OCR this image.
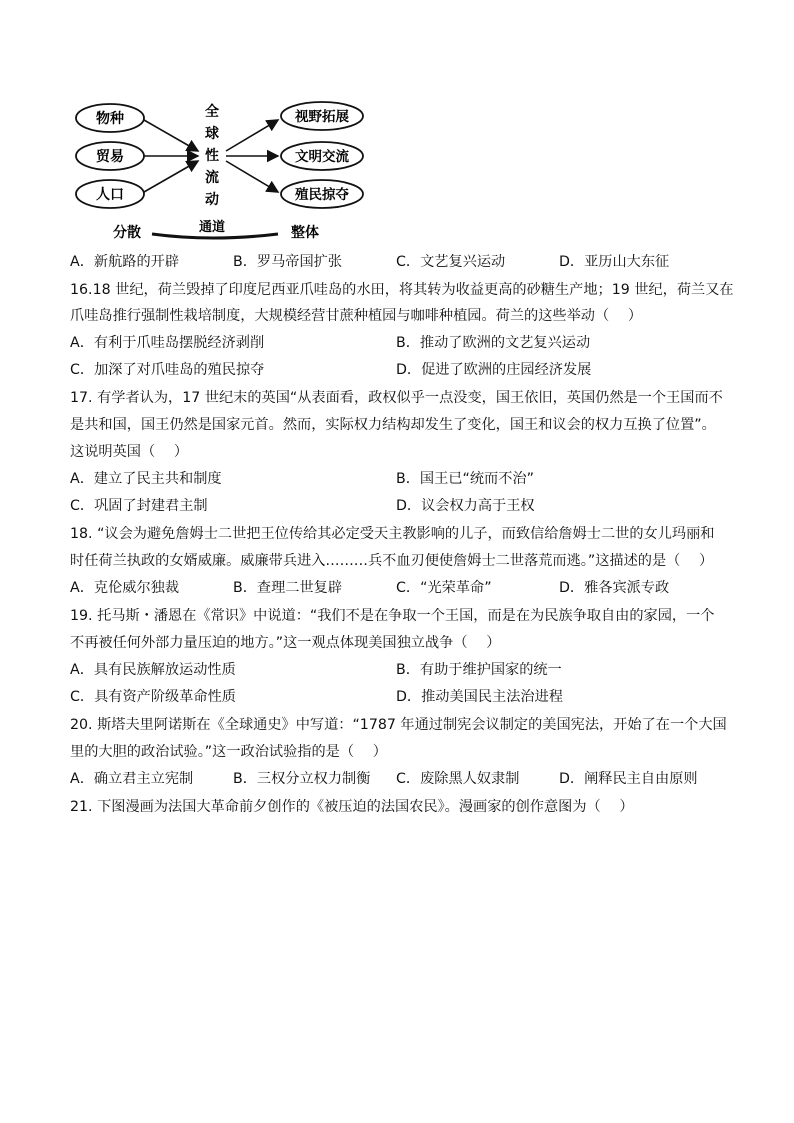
物种
贸易
人口
全
球
性
流
动
视野拓展
文明交流
殖民掠夺
分散	通道	整体
A．新航路的开辟	B．罗马帝国扩张	C．文艺复兴运动	D．亚历山大东征
16.18 世纪，荷兰毁掉了印度尼西亚爪哇岛的水田，将其转为收益更高的砂糖生产地；19 世纪，荷兰又在
爪哇岛推行强制性栽培制度，大规模经营甘蔗种植园与咖啡种植园。荷兰的这些举动（　 ）
A．有利于爪哇岛摆脱经济剥削	B．推动了欧洲的文艺复兴运动
C．加深了对爪哇岛的殖民掠夺	D．促进了欧洲的庄园经济发展
17. 有学者认为，17 世纪末的英国“从表面看，政权似乎一点没变，国王依旧，英国仍然是一个王国而不
是共和国，国王仍然是国家元首。然而，实际权力结构却发生了变化，国王和议会的权力互换了位置”。
这说明英国（　 ）
A．建立了民主共和制度	B．国王已“统而不治”
C．巩固了封建君主制	D．议会权力高于王权
18. “议会为避免詹姆士二世把王位传给其必定受天主教影响的儿子，而致信给詹姆士二世的女儿玛丽和
时任荷兰执政的女婿威廉。威廉带兵进入………兵不血刃便使詹姆士二世落荒而逃。”这描述的是（　 ）
A．克伦威尔独裁	B．查理二世复辟	C．“光荣革命”	D．雅各宾派专政
19. 托马斯・潘恩在《常识》中说道：“我们不是在争取一个王国，而是在为民族争取自由的家园，一个
不再被任何外部力量压迫的地方。”这一观点体现美国独立战争（　 ）
A．具有民族解放运动性质	B．有助于维护国家的统一
C．具有资产阶级革命性质	D．推动美国民主法治进程
20. 斯塔夫里阿诺斯在《全球通史》中写道：“1787 年通过制宪会议制定的美国宪法，开始了在一个大国
里的大胆的政治试验。”这一政治试验指的是（　 ）
A．确立君主立宪制	B．三权分立权力制衡 C．废除黑人奴隶制	D．阐释民主自由原则
21. 下图漫画为法国大革命前夕创作的《被压迫的法国农民》。漫画家的创作意图为（　 ）
